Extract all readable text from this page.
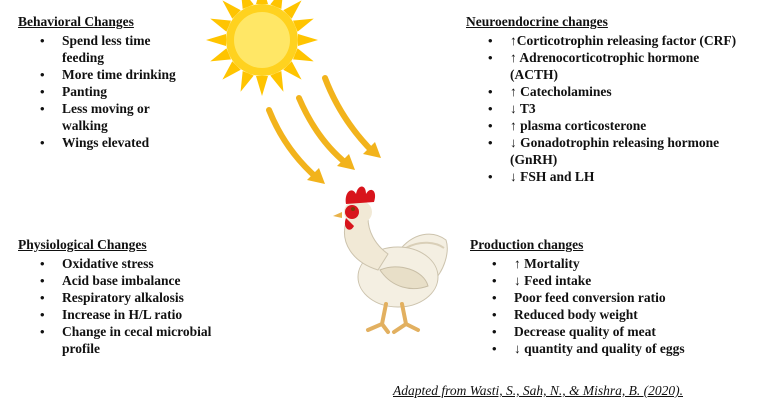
Behavioral Changes
• Spend less time feeding
• More time drinking
• Panting
• Less moving or walking
• Wings elevated
Physiological Changes
• Oxidative stress
• Acid base imbalance
• Respiratory alkalosis
• Increase in H/L ratio
• Change in cecal microbial profile
Neuroendocrine changes
• ↑Corticotrophin releasing factor (CRF)
• ↑ Adrenocorticotrophic hormone (ACTH)
• ↑ Catecholamines
• ↓ T3
• ↑ plasma corticosterone
• ↓ Gonadotrophin releasing hormone (GnRH)
• ↓ FSH and LH
Production changes
• ↑ Mortality
• ↓ Feed intake
• Poor feed conversion ratio
• Reduced body weight
• Decrease quality of meat
• ↓ quantity and quality of eggs
Adapted from Wasti, S., Sah, N., & Mishra, B. (2020).
